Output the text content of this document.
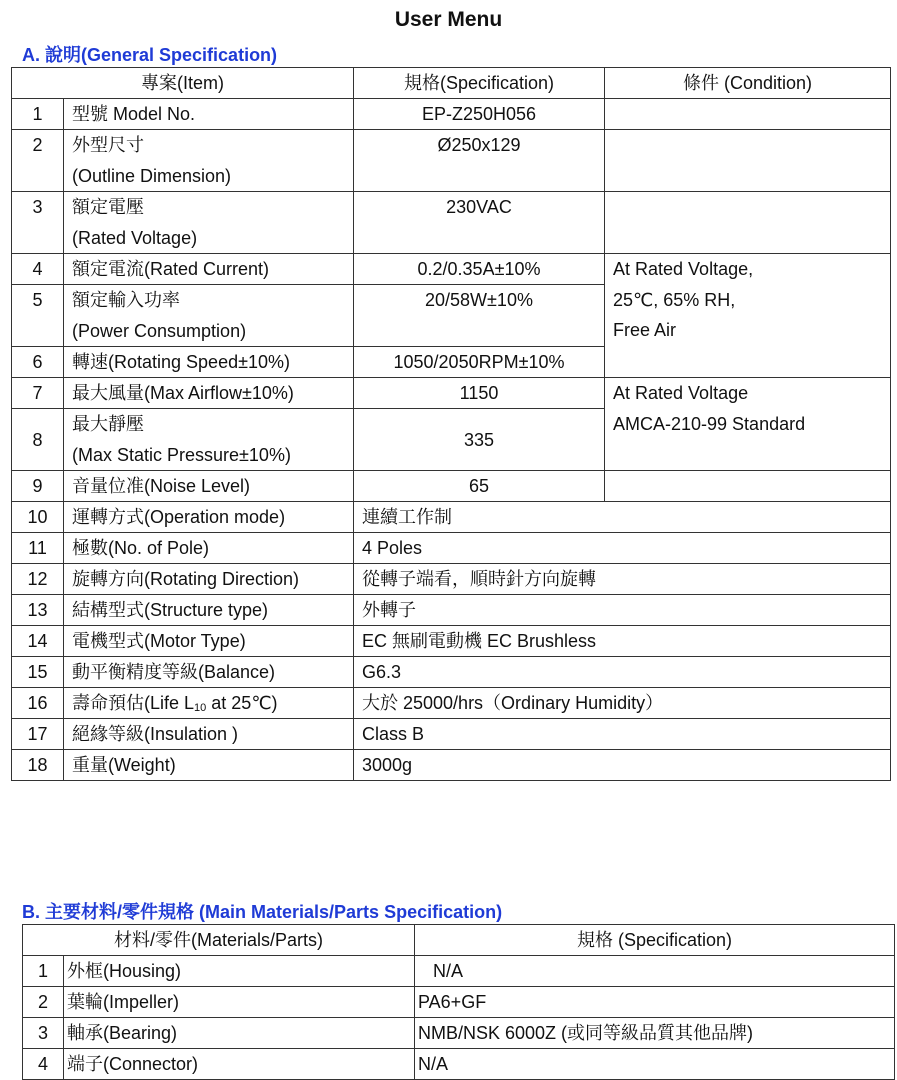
User Menu
A. 說明(General Specification)
專案(Item)		規格(Specification)	條件 (Condition)
1	型號 Model No.	EP-Z250H056	
2	外型尺寸
(Outline Dimension)	Ø250x129	
3	額定電壓
(Rated Voltage)	230VAC	
4	額定電流(Rated Current)	0.2/0.35A±10%	At Rated Voltage,
25℃, 65% RH,
Free Air

5	額定輸入功率
(Power Consumption)	20/58W±10%	
6	轉速(Rotating Speed±10%)	1050/2050RPM±10%	
7	最大風量(Max Airflow±10%)	1150	At Rated Voltage
AMCA-210-99 Standard

8	最大靜壓
(Max Static Pressure±10%)	335	
9	音量位准(Noise Level)	65	
10	運轉方式(Operation mode)	連續工作制	
11	極數(No. of Pole)	4 Poles	
12	旋轉方向(Rotating Direction)	從轉子端看，順時針方向旋轉	
13	結構型式(Structure type)	外轉子	
14	電機型式(Motor Type)	EC 無刷電動機 EC Brushless	
15	動平衡精度等級(Balance)	G6.3	
16	壽命預估(Life $L_{10}$ at 25℃)	大於 25000/hrs（Ordinary Humidity）	
17	絕緣等級(Insulation )	Class B	
18	重量(Weight)	3000g	
B. 主要材料/零件規格 (Main Materials/Parts Specification)
材料/零件(Materials/Parts)		規格 (Specification)
1	外框(Housing)	N/A
2	葉輪(Impeller)	PA6+GF
3	軸承(Bearing)	NMB/NSK 6000Z (或同等級品質其他品牌)
4	端子(Connector)	N/A
